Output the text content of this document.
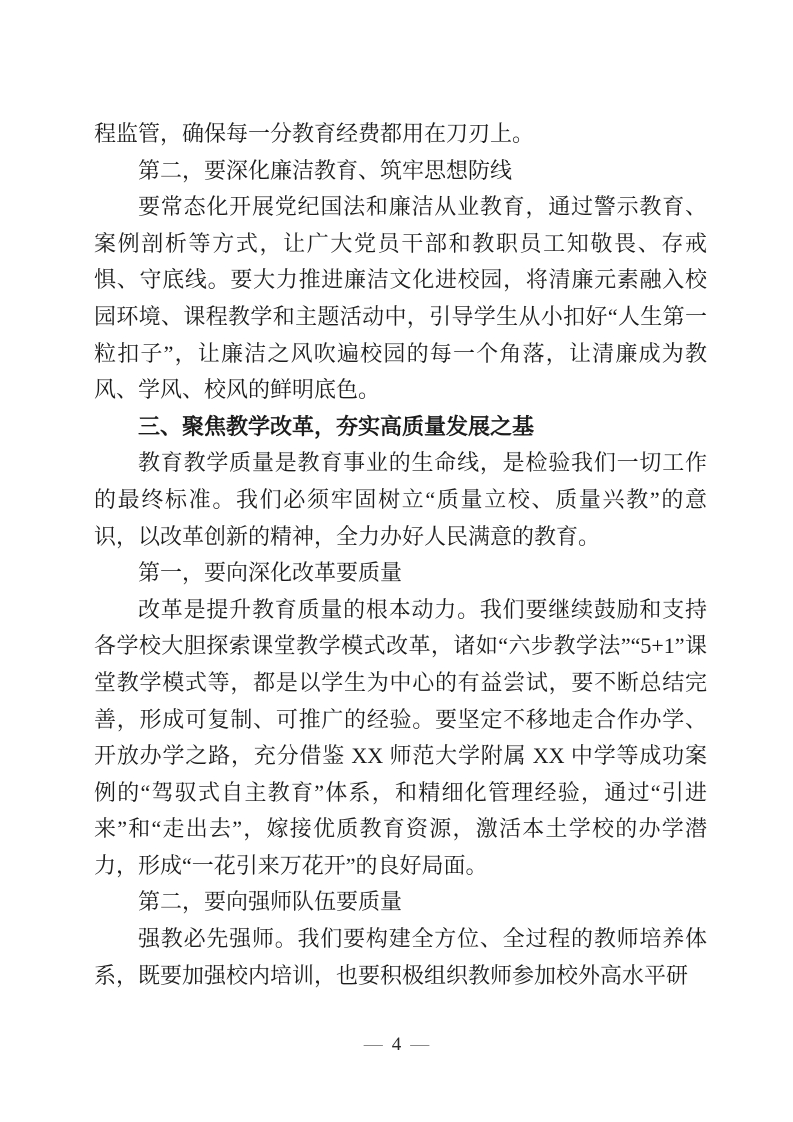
程监管，确保每一分教育经费都用在刀刃上。

第二，要深化廉洁教育、筑牢思想防线

要常态化开展党纪国法和廉洁从业教育，通过警示教育、案例剖析等方式，让广大党员干部和教职员工知敬畏、存戒惧、守底线。要大力推进廉洁文化进校园，将清廉元素融入校园环境、课程教学和主题活动中，引导学生从小扣好“人生第一粒扣子”，让廉洁之风吹遍校园的每一个角落，让清廉成为教风、学风、校风的鲜明底色。

三、聚焦教学改革，夯实高质量发展之基

教育教学质量是教育事业的生命线，是检验我们一切工作的最终标准。我们必须牢固树立“质量立校、质量兴教”的意识，以改革创新的精神，全力办好人民满意的教育。

第一，要向深化改革要质量

改革是提升教育质量的根本动力。我们要继续鼓励和支持各学校大胆探索课堂教学模式改革，诸如“六步教学法”“5+1”课堂教学模式等，都是以学生为中心的有益尝试，要不断总结完善，形成可复制、可推广的经验。要坚定不移地走合作办学、开放办学之路，充分借鉴 XX 师范大学附属 XX 中学等成功案例的“驾驭式自主教育”体系，和精细化管理经验，通过“引进来”和“走出去”，嫁接优质教育资源，激活本土学校的办学潜力，形成“一花引来万花开”的良好局面。

第二，要向强师队伍要质量

强教必先强师。我们要构建全方位、全过程的教师培养体系，既要加强校内培训，也要积极组织教师参加校外高水平研

— 4 —
